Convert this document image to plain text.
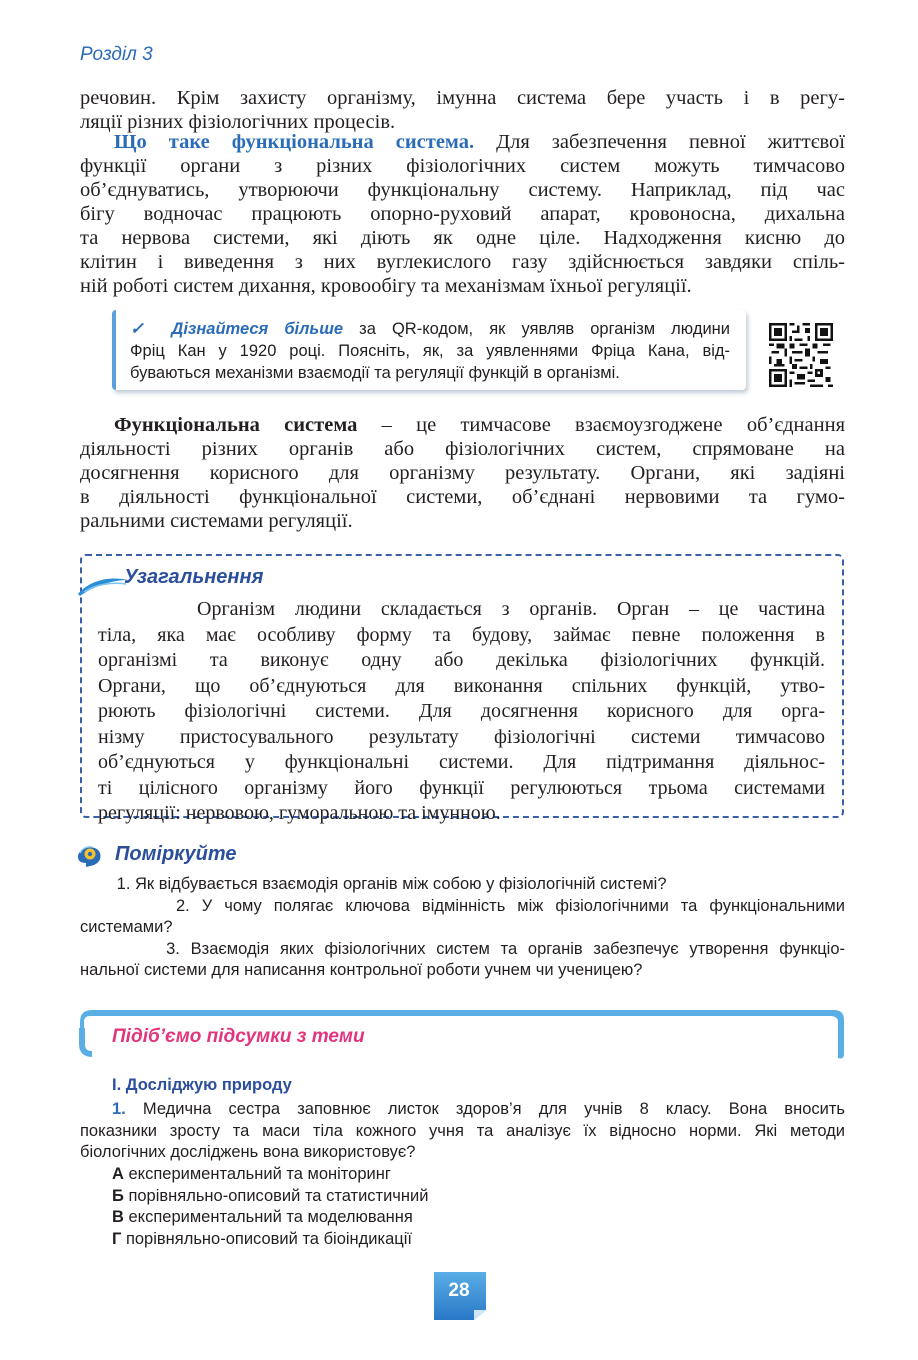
Розділ 3
речовин. Крім захисту організму, імунна система бере участь і в регу-
ляції різних фізіологічних процесів.
Що таке функціональна система. Для забезпечення певної життєвої
функції органи з різних фізіологічних систем можуть тимчасово
об’єднуватись, утворюючи функціональну систему. Наприклад, під час
бігу водночас працюють опорно-руховий апарат, кровоносна, дихальна
та нервова системи, які діють як одне ціле. Надходження кисню до
клітин і виведення з них вуглекислого газу здійснюється завдяки спіль-
ній роботі систем дихання, кровообігу та механізмам їхньої регуляції.
✓ Дізнайтеся більше за QR-кодом, як уявляв організм людини
Фріц Кан у 1920 році. Поясніть, як, за уявленнями Фріца Кана, від-
буваються механізми взаємодії та регуляції функцій в організмі.
Функціональна система – це тимчасове взаємоузгоджене об’єднання
діяльності різних органів або фізіологічних систем, спрямоване на
досягнення корисного для організму результату. Органи, які задіяні
в діяльності функціональної системи, об’єднані нервовими та гумо-
ральними системами регуляції.
Узагальнення
Організм людини складається з органів. Орган – це частина
тіла, яка має особливу форму та будову, займає певне положення в
організмі та виконує одну або декілька фізіологічних функцій.
Органи, що об’єднуються для виконання спільних функцій, утво-
рюють фізіологічні системи. Для досягнення корисного для орга-
нізму пристосувального результату фізіологічні системи тимчасово
об’єднуються у функціональні системи. Для підтримання діяльнос-
ті цілісного організму його функції регулюються трьома системами
регуляції: нервовою, гуморальною та імунною.
Поміркуйте
1. Як відбувається взаємодія органів між собою у фізіологічній системі?
2. У чому полягає ключова відмінність між фізіологічними та функціональними
системами?
3. Взаємодія яких фізіологічних систем та органів забезпечує утворення функціо-
нальної системи для написання контрольної роботи учнем чи ученицею?
Підіб’ємо підсумки з теми
І. Досліджую природу
1. Медична сестра заповнює листок здоров’я для учнів 8 класу. Вона вносить
показники зросту та маси тіла кожного учня та аналізує їх відносно норми. Які методи
біологічних досліджень вона використовує?
А експериментальний та моніторинг
Б порівняльно-описовий та статистичний
В експериментальний та моделювання
Г порівняльно-описовий та біоіндикації
28
